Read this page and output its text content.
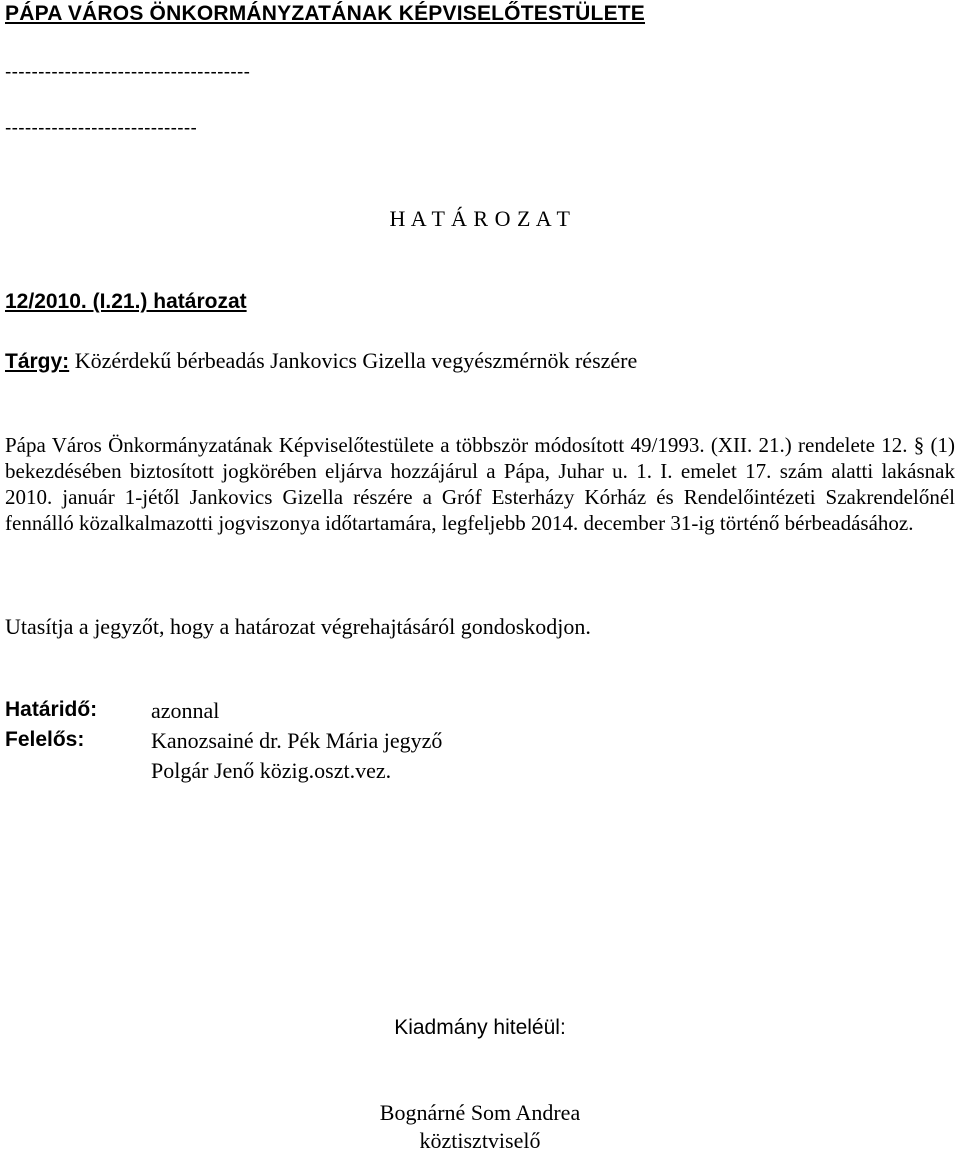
PÁPA VÁROS ÖNKORMÁNYZATÁNAK KÉPVISELŐTESTÜLETE
-------------------------------------
-----------------------------
H A T Á R O Z A T
12/2010. (I.21.) határozat
Tárgy: Közérdekű bérbeadás Jankovics Gizella vegyészmérnök részére
Pápa Város Önkormányzatának Képviselőtestülete a többször módosított 49/1993. (XII. 21.) rendelete 12. § (1) bekezdésében biztosított jogkörében eljárva hozzájárul a Pápa, Juhar u. 1. I. emelet 17. szám alatti lakásnak 2010. január 1-jétől Jankovics Gizella részére a Gróf Esterházy Kórház és Rendelőintézeti Szakrendelőnél fennálló közalkalmazotti jogviszonya időtartamára, legfeljebb 2014. december 31-ig történő bérbeadásához.
Utasítja a jegyzőt, hogy a határozat végrehajtásáról gondoskodjon.
Határidő: azonnal
Felelős:	Kanozsainé dr. Pék Mária jegyző
Polgár Jenő közig.oszt.vez.
Kiadmány hiteléül:
Bognárné Som Andrea
köztisztviselő
